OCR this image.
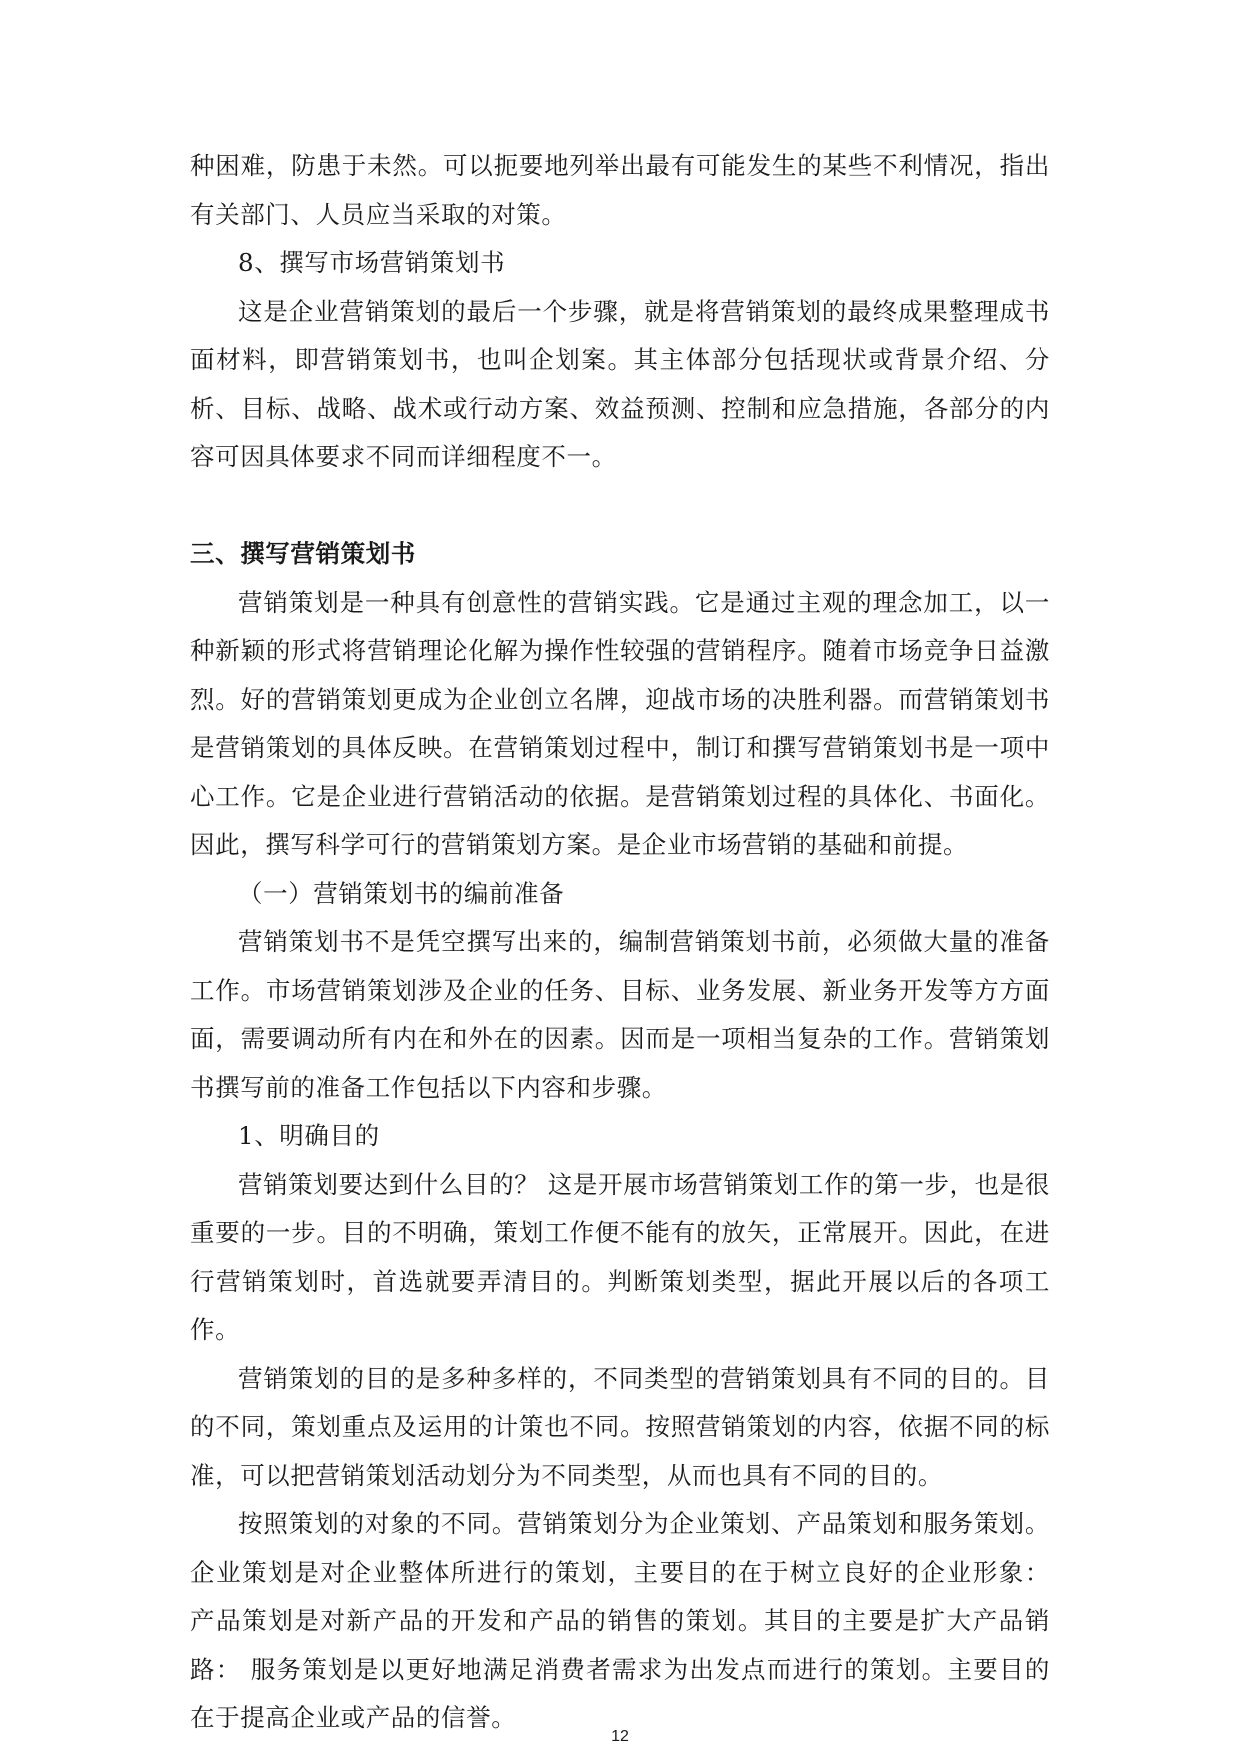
种困难，防患于未然。可以扼要地列举出最有可能发生的某些不利情况，指出有关部门、人员应当采取的对策。

8、撰写市场营销策划书

这是企业营销策划的最后一个步骤，就是将营销策划的最终成果整理成书面材料，即营销策划书，也叫企划案。其主体部分包括现状或背景介绍、分析、目标、战略、战术或行动方案、效益预测、控制和应急措施，各部分的内容可因具体要求不同而详细程度不一。

三、撰写营销策划书

营销策划是一种具有创意性的营销实践。它是通过主观的理念加工，以一种新颖的形式将营销理论化解为操作性较强的营销程序。随着市场竞争日益激烈。好的营销策划更成为企业创立名牌，迎战市场的决胜利器。而营销策划书是营销策划的具体反映。在营销策划过程中，制订和撰写营销策划书是一项中心工作。它是企业进行营销活动的依据。是营销策划过程的具体化、书面化。因此，撰写科学可行的营销策划方案。是企业市场营销的基础和前提。

（一）营销策划书的编前准备

营销策划书不是凭空撰写出来的，编制营销策划书前，必须做大量的准备工作。市场营销策划涉及企业的任务、目标、业务发展、新业务开发等方方面面，需要调动所有内在和外在的因素。因而是一项相当复杂的工作。营销策划书撰写前的准备工作包括以下内容和步骤。

1、明确目的

营销策划要达到什么目的？ 这是开展市场营销策划工作的第一步，也是很重要的一步。目的不明确，策划工作便不能有的放矢，正常展开。因此，在进行营销策划时，首选就要弄清目的。判断策划类型，据此开展以后的各项工作。

营销策划的目的是多种多样的，不同类型的营销策划具有不同的目的。目的不同，策划重点及运用的计策也不同。按照营销策划的内容，依据不同的标准，可以把营销策划活动划分为不同类型，从而也具有不同的目的。

按照策划的对象的不同。营销策划分为企业策划、产品策划和服务策划。企业策划是对企业整体所进行的策划，主要目的在于树立良好的企业形象： 产品策划是对新产品的开发和产品的销售的策划。其目的主要是扩大产品销路： 服务策划是以更好地满足消费者需求为出发点而进行的策划。主要目的在于提高企业或产品的信誉。

12
